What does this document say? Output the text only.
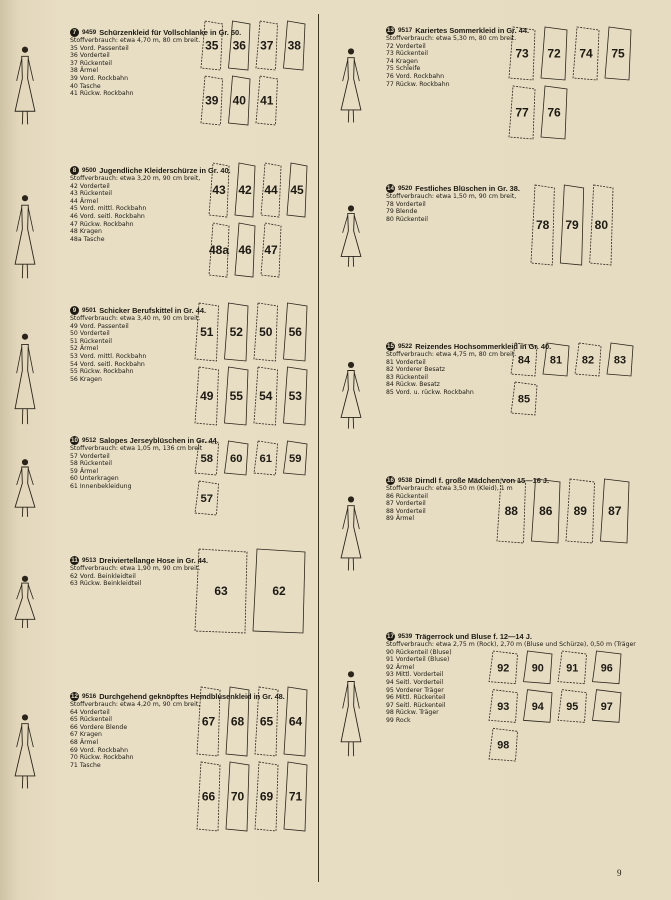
7 9459 Schürzenkleid für Vollschlanke in Gr. 50.
Stoffverbrauch: etwa 4,70 m, 80 cm breit.
35 Vord. Passenteil
36 Vorderteil
37 Rückenteil
38 Ärmel
39 Vord. Rockbahn
40 Tasche
41 Rückw. Rockbahn
35 36 37 38
39 40 41
8 9500 Jugendliche Kleiderschürze in Gr. 40.
Stoffverbrauch: etwa 3,20 m, 90 cm breit,
42 Vorderteil
43 Rückenteil
44 Ärmel
45 Vord. mittl. Rockbahn
46 Vord. seitl. Rockbahn
47 Rückw. Rockbahn
48 Kragen
48a Tasche
43 42 44 45
48a 46 47
9 9501 Schicker Berufskittel in Gr. 44.
Stoffverbrauch: etwa 3,40 m, 90 cm breit.
49 Vord. Passenteil
50 Vorderteil
51 Rückenteil
52 Ärmel
53 Vord. mittl. Rockbahn
54 Vord. seitl. Rockbahn
55 Rückw. Rockbahn
56 Kragen
51 52 50 56
49 55 54 53
10 9512 Salopes Jerseyblüschen in Gr. 44.
Stoffverbrauch: etwa 1,05 m, 136 cm breit
57 Vorderteil
58 Rückenteil
59 Ärmel
60 Unterkragen
61 Innenbekleidung
58 60 61 59
57
11 9513 Dreiviertellange Hose in Gr. 44.
Stoffverbrauch: etwa 1,90 m, 90 cm breit.
62 Vord. Beinkleidteil
63 Rückw. Beinkleidteil
63	62
12 9516 Durchgehend geknöpftes Hemdblusenkleid in Gr. 48.
Stoffverbrauch: etwa 4,20 m, 90 cm breit,
64 Vorderteil
65 Rückenteil
66 Vordere Blende
67 Kragen
68 Ärmel
69 Vord. Rockbahn
70 Rückw. Rockbahn
71 Tasche
67 68 65 64
66 70 69 71
13 9517 Kariertes Sommerkleid in Gr. 44.
Stoffverbrauch: etwa 5,30 m, 80 cm breit.
72 Vorderteil
73 Rückenteil
74 Kragen
75 Schleife
76 Vord. Rockbahn
77 Rückw. Rockbahn
73 72 74 75
77 76
14 9520 Festliches Blüschen in Gr. 38.
Stoffverbrauch: etwa 1,50 m, 90 cm breit,
78 Vorderteil
79 Blende
80 Rückenteil	78 79 80
15 9522 Reizendes Hochsommerkleid in Gr. 40.
Stoffverbrauch: etwa 4,75 m, 80 cm breit.
81 Vorderteil
82 Vorderer Besatz
83 Rückenteil
84 Rückw. Besatz
85 Vord. u. rückw. Rockbahn
84 81 82 83
85
16 9538 Dirndl f. große Mädchen von 15—16 J.
Stoffverbrauch: etwa 3,50 m (Kleid), 1 m
86 Rückenteil
87 Vorderteil
88 Vorderteil
89 Ärmel
88 86 89 87
17 9539 Trägerrock und Bluse f. 12—14 J.
Stoffverbrauch: etwa 2,75 m (Rock), 2,70 m (Bluse und Schürze), 0,50 m (Träger
90 Rückenteil (Bluse)
91 Vorderteil (Bluse)
92 Ärmel
93 Mittl. Vorderteil
94 Seitl. Vorderteil
95 Vorderer Träger
96 Mittl. Rückenteil
97 Seitl. Rückenteil
98 Rückw. Träger
99 Rock
92 90 91 96
93 94 95 97
98
9
